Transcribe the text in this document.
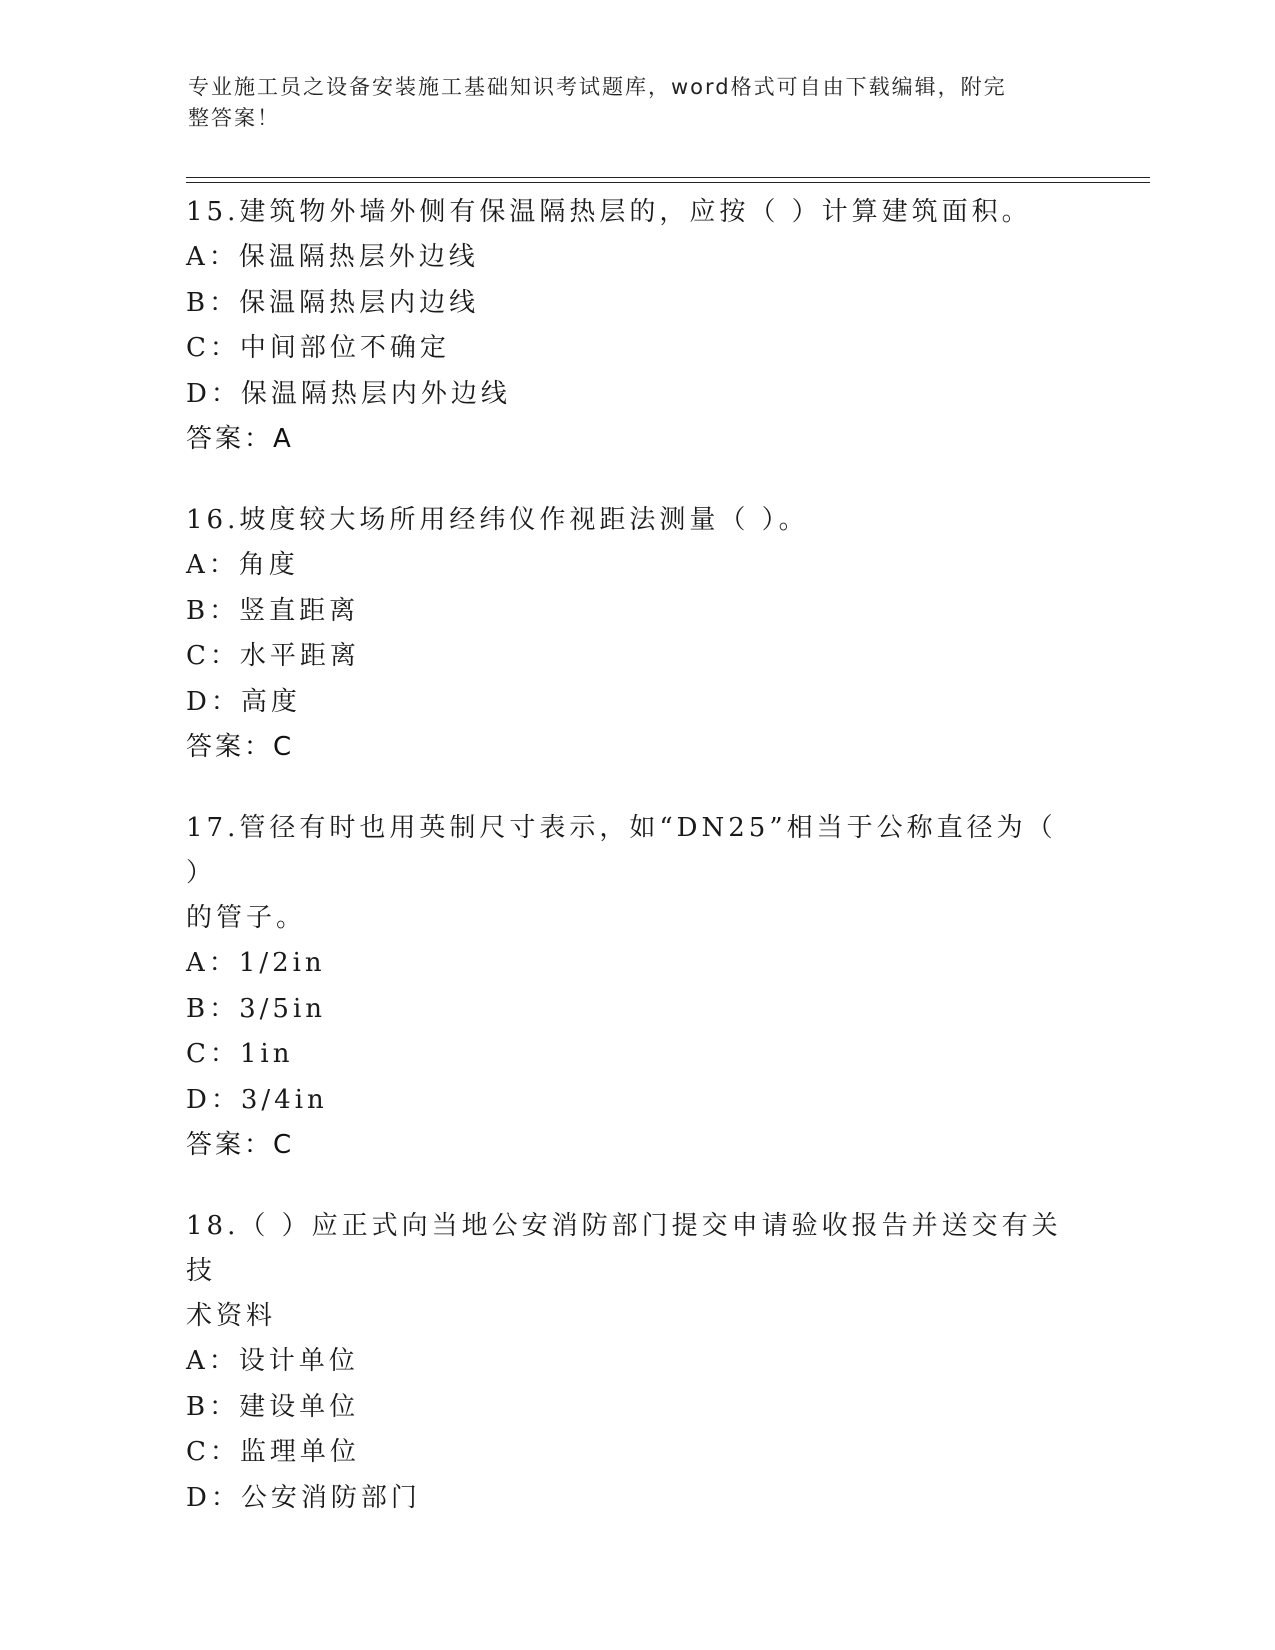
专业施工员之设备安装施工基础知识考试题库，word格式可自由下载编辑，附完
整答案！
15.建筑物外墙外侧有保温隔热层的，应按（ ）计算建筑面积。
A：保温隔热层外边线
B：保温隔热层内边线
C：中间部位不确定
D：保温隔热层内外边线
答案：A
16.坡度较大场所用经纬仪作视距法测量（ ）。
A：角度
B：竖直距离
C：水平距离
D：高度
答案：C
17.管径有时也用英制尺寸表示，如“DN25”相当于公称直径为（ ）
的管子。
A：1/2in
B：3/5in
C：1in
D：3/4in
答案：C
18.（ ）应正式向当地公安消防部门提交申请验收报告并送交有关技
术资料
A：设计单位
B：建设单位
C：监理单位
D：公安消防部门
